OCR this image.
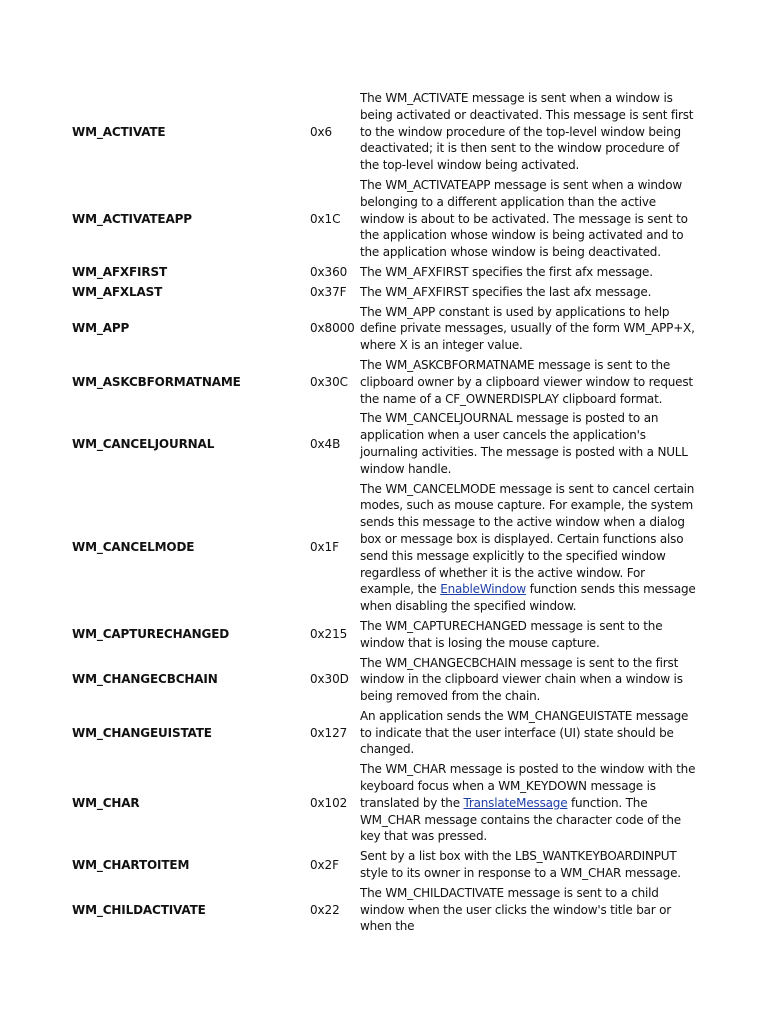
WM_ACTIVATE	0x6
The WM_ACTIVATE message is sent when a window is being activated or deactivated. This message is sent first to the window procedure of the top-level window being deactivated; it is then sent to the window procedure of the top-level window being activated.
WM_ACTIVATEAPP	0x1C
The WM_ACTIVATEAPP message is sent when a window belonging to a different application than the active window is about to be activated. The message is sent to the application whose window is being activated and to the application whose window is being deactivated.
WM_AFXFIRST	0x360	The WM_AFXFIRST specifies the first afx message.
WM_AFXLAST	0x37F	The WM_AFXFIRST specifies the last afx message.
WM_APP	0x8000
The WM_APP constant is used by applications to help define private messages, usually of the form WM_APP+X, where X is an integer value.
WM_ASKCBFORMATNAME	0x30C
The WM_ASKCBFORMATNAME message is sent to the clipboard owner by a clipboard viewer window to request the name of a CF_OWNERDISPLAY clipboard format.
WM_CANCELJOURNAL	0x4B
The WM_CANCELJOURNAL message is posted to an application when a user cancels the application's journaling activities. The message is posted with a NULL window handle.
WM_CANCELMODE	0x1F
The WM_CANCELMODE message is sent to cancel certain modes, such as mouse capture. For example, the system sends this message to the active window when a dialog box or message box is displayed. Certain functions also send this message explicitly to the specified window regardless of whether it is the active window. For example, the EnableWindow function sends this message when disabling the specified window.
WM_CAPTURECHANGED	0x215
The WM_CAPTURECHANGED message is sent to the window that is losing the mouse capture.
WM_CHANGECBCHAIN	0x30D
The WM_CHANGECBCHAIN message is sent to the first window in the clipboard viewer chain when a window is being removed from the chain.
WM_CHANGEUISTATE	0x127
An application sends the WM_CHANGEUISTATE message to indicate that the user interface (UI) state should be changed.
WM_CHAR	0x102
The WM_CHAR message is posted to the window with the keyboard focus when a WM_KEYDOWN message is translated by the TranslateMessage function. The WM_CHAR message contains the character code of the key that was pressed.
WM_CHARTOITEM	0x2F
Sent by a list box with the LBS_WANTKEYBOARDINPUT style to its owner in response to a WM_CHAR message.
WM_CHILDACTIVATE	0x22
The WM_CHILDACTIVATE message is sent to a child window when the user clicks the window's title bar or when the
